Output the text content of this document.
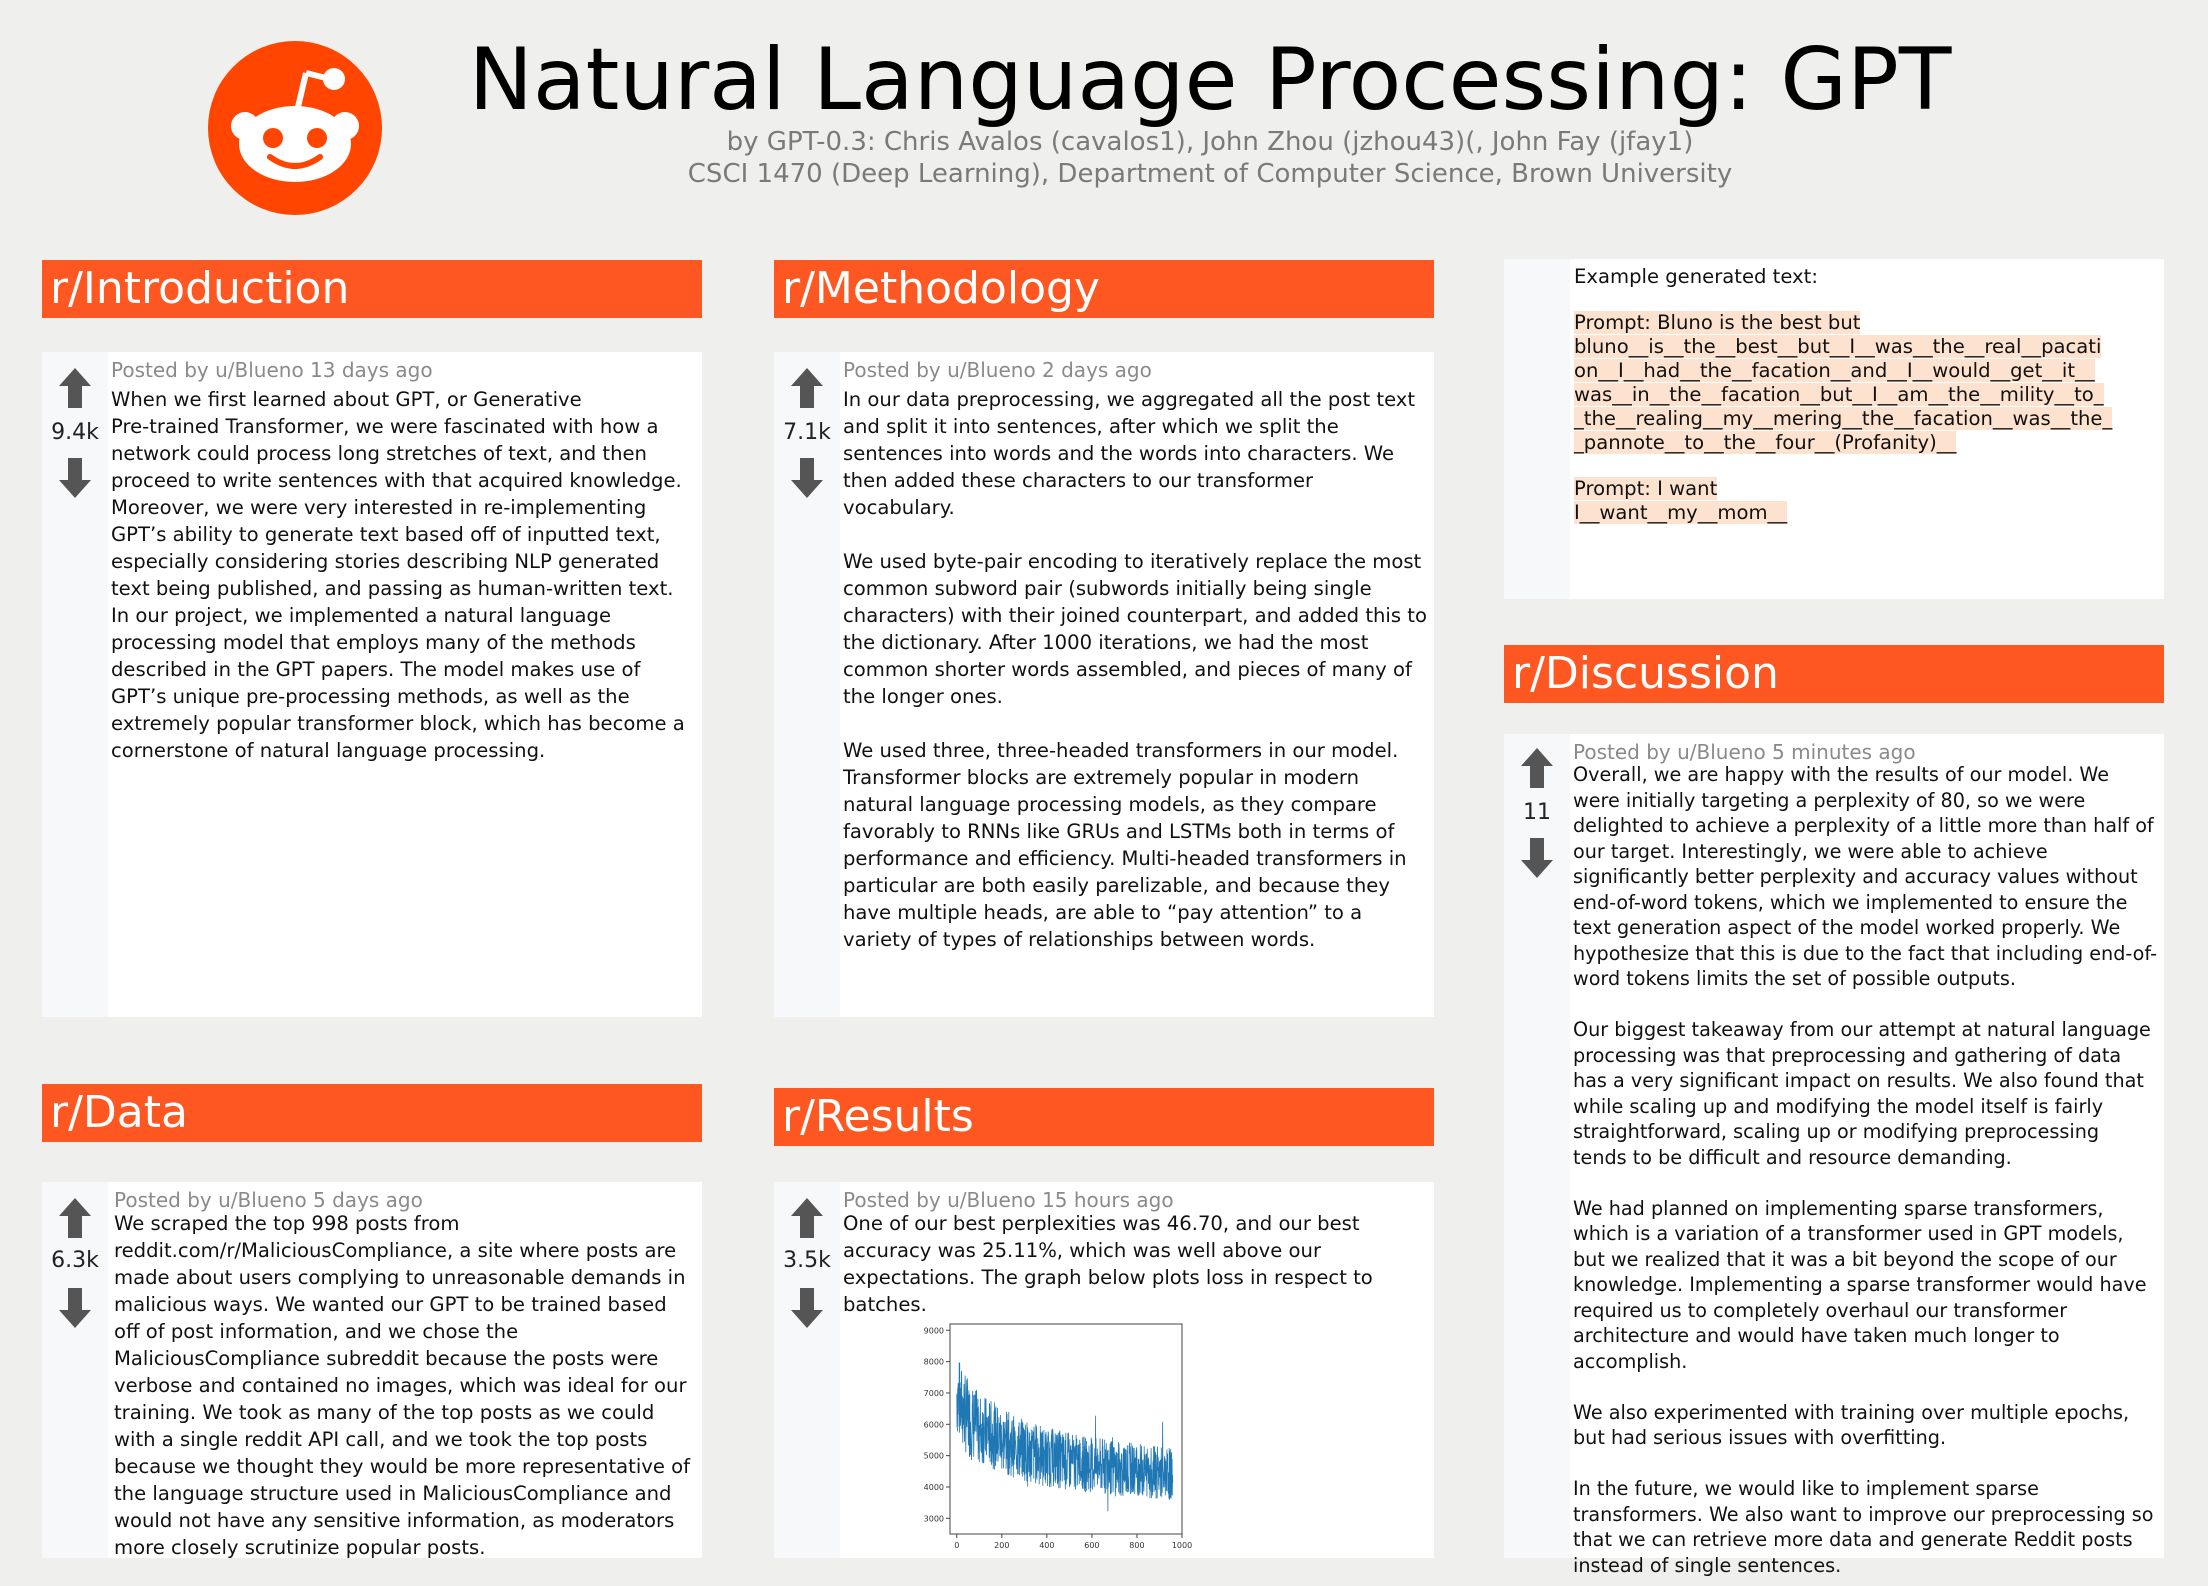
Natural Language Processing: GPT
by GPT-0.3: Chris Avalos (cavalos1), John Zhou (jzhou43)(, John Fay (jfay1)
CSCI 1470 (Deep Learning), Department of Computer Science, Brown University
r/Introduction
9.4k
Posted by u/Blueno 13 days ago
When we first learned about GPT, or Generative
Pre-trained Transformer, we were fascinated with how a network could process long stretches of text, and then proceed to write sentences with that acquired knowledge. Moreover, we were very interested in re-implementing GPT’s ability to generate text based off of inputted text, especially considering stories describing NLP generated text being published, and passing as human-written text. In our project, we implemented a natural language processing model that employs many of the methods described in the GPT papers. The model makes use of GPT’s unique pre-processing methods, as well as the extremely popular transformer block, which has become a cornerstone of natural language processing.
r/Methodology
7.1k
Posted by u/Blueno 2 days ago
In our data preprocessing, we aggregated all the post text and split it into sentences, after which we split the sentences into words and the words into characters. We then added these characters to our transformer vocabulary.

We used byte-pair encoding to iteratively replace the most common subword pair (subwords initially being single characters) with their joined counterpart, and added this to the dictionary. After 1000 iterations, we had the most common shorter words assembled, and pieces of many of the longer ones.

We used three, three-headed transformers in our model. Transformer blocks are extremely popular in modern natural language processing models, as they compare favorably to RNNs like GRUs and LSTMs both in terms of performance and efficiency. Multi-headed transformers in particular are both easily parelizable, and because they have multiple heads, are able to “pay attention” to a variety of types of relationships between words.
Example generated text:
Prompt: Bluno is the best but
bluno__is__the__best__but__I__was__the__real__pacati
on__I__had__the__facation__and__I__would__get__it__
was__in__the__facation__but__I__am__the__mility__to_
_the__realing__my__mering__the__facation__was__the_
_pannote__to__the__four__(Profanity)__
Prompt: I want
I__want__my__mom__
r/Discussion
11
Posted by u/Blueno 5 minutes ago
Overall, we are happy with the results of our model. We were initially targeting a perplexity of 80, so we were delighted to achieve a perplexity of a little more than half of our target. Interestingly, we were able to achieve significantly better perplexity and accuracy values without end-of-word tokens, which we implemented to ensure the text generation aspect of the model worked properly. We hypothesize that this is due to the fact that including end-of-word tokens limits the set of possible outputs.

Our biggest takeaway from our attempt at natural language processing was that preprocessing and gathering of data has a very significant impact on results. We also found that while scaling up and modifying the model itself is fairly straightforward, scaling up or modifying preprocessing tends to be difficult and resource demanding.

We had planned on implementing sparse transformers, which is a variation of a transformer used in GPT models, but we realized that it was a bit beyond the scope of our knowledge. Implementing a sparse transformer would have required us to completely overhaul our transformer architecture and would have taken much longer to accomplish.

We also experimented with training over multiple epochs, but had serious issues with overfitting.

In the future, we would like to implement sparse transformers. We also want to improve our preprocessing so that we can retrieve more data and generate Reddit posts instead of single sentences.
r/Data
6.3k
Posted by u/Blueno 5 days ago
We scraped the top 998 posts from reddit.com/r/MaliciousCompliance, a site where posts are made about users complying to unreasonable demands in malicious ways. We wanted our GPT to be trained based off of post information, and we chose the MaliciousCompliance subreddit because the posts were verbose and contained no images, which was ideal for our training. We took as many of the top posts as we could with a single reddit API call, and we took the top posts because we thought they would be more representative of the language structure used in MaliciousCompliance and would not have any sensitive information, as moderators more closely scrutinize popular posts.
r/Results
3.5k
Posted by u/Blueno 15 hours ago
One of our best perplexities was 46.70, and our best accuracy was 25.11%, which was well above our expectations. The graph below plots loss in respect to batches.
0	200	400	600	800	1000
3000
4000
5000
6000
7000
8000
9000
